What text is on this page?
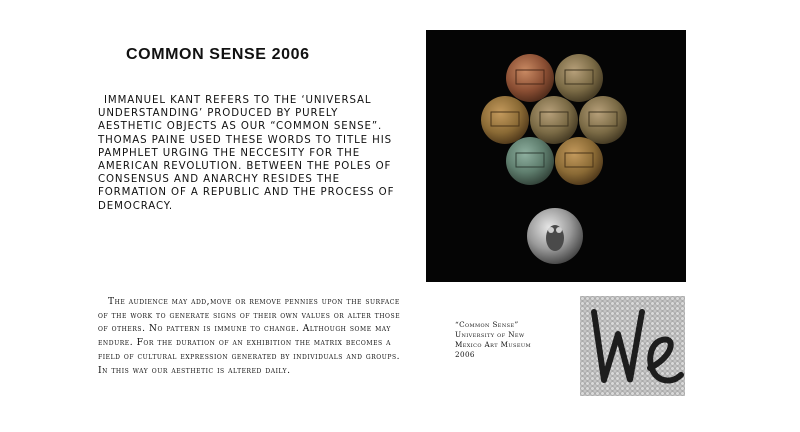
COMMON SENSE 2006

IMMANUEL KANT REFERS TO THE ‘UNIVERSAL UNDERSTANDING’ PRODUCED BY PURELY AESTHETIC OBJECTS AS OUR “COMMON SENSE”. THOMAS PAINE USED THESE WORDS TO TITLE HIS PAMPHLET URGING THE NECCESITY FOR THE AMERICAN REVOLUTION. BETWEEN THE POLES OF CONSENSUS AND ANARCHY RESIDES THE FORMATION OF A REPUBLIC AND THE PROCESS OF DEMOCRACY.

The audience may add,move or remove pennies upon the surface of the work to generate signs of their own values or alter those of others. No pattern is immune to change. Although some may endure. For the duration of an exhibition the matrix becomes a field of cultural expression generated by individuals and groups. In this way our aesthetic is altered daily.

“Common Sense”
University of New
Mexico Art Museum
2006
